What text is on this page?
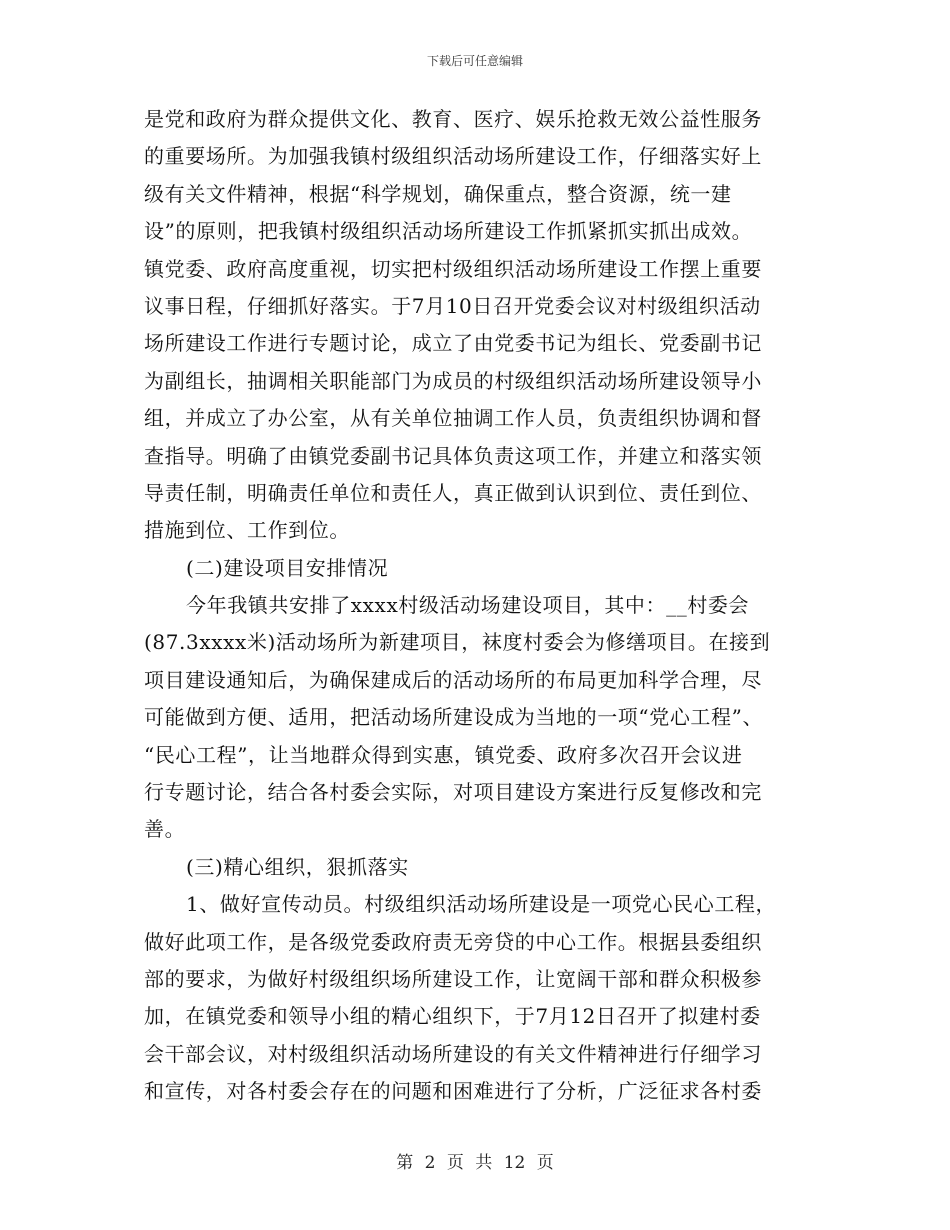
下载后可任意编辑
是党和政府为群众提供文化、教育、医疗、娱乐抢救无效公益性服务
的重要场所。为加强我镇村级组织活动场所建设工作，仔细落实好上
级有关文件精神，根据“科学规划，确保重点，整合资源，统一建
设”的原则，把我镇村级组织活动场所建设工作抓紧抓实抓出成效。
镇党委、政府高度重视，切实把村级组织活动场所建设工作摆上重要
议事日程，仔细抓好落实。于7月10日召开党委会议对村级组织活动
场所建设工作进行专题讨论，成立了由党委书记为组长、党委副书记
为副组长，抽调相关职能部门为成员的村级组织活动场所建设领导小
组，并成立了办公室，从有关单位抽调工作人员，负责组织协调和督
查指导。明确了由镇党委副书记具体负责这项工作，并建立和落实领
导责任制，明确责任单位和责任人，真正做到认识到位、责任到位、
措施到位、工作到位。
(二)建设项目安排情况
今年我镇共安排了xxxx村级活动场建设项目，其中：__村委会
(87.3xxxx米)活动场所为新建项目，袜度村委会为修缮项目。在接到
项目建设通知后，为确保建成后的活动场所的布局更加科学合理，尽
可能做到方便、适用，把活动场所建设成为当地的一项“党心工程”、
“民心工程”，让当地群众得到实惠，镇党委、政府多次召开会议进
行专题讨论，结合各村委会实际，对项目建设方案进行反复修改和完
善。
(三)精心组织，狠抓落实
1、做好宣传动员。村级组织活动场所建设是一项党心民心工程，
做好此项工作，是各级党委政府责无旁贷的中心工作。根据县委组织
部的要求，为做好村级组织场所建设工作，让宽阔干部和群众积极参
加，在镇党委和领导小组的精心组织下，于7月12日召开了拟建村委
会干部会议，对村级组织活动场所建设的有关文件精神进行仔细学习
和宣传，对各村委会存在的问题和困难进行了分析，广泛征求各村委
第 2 页 共 12 页
